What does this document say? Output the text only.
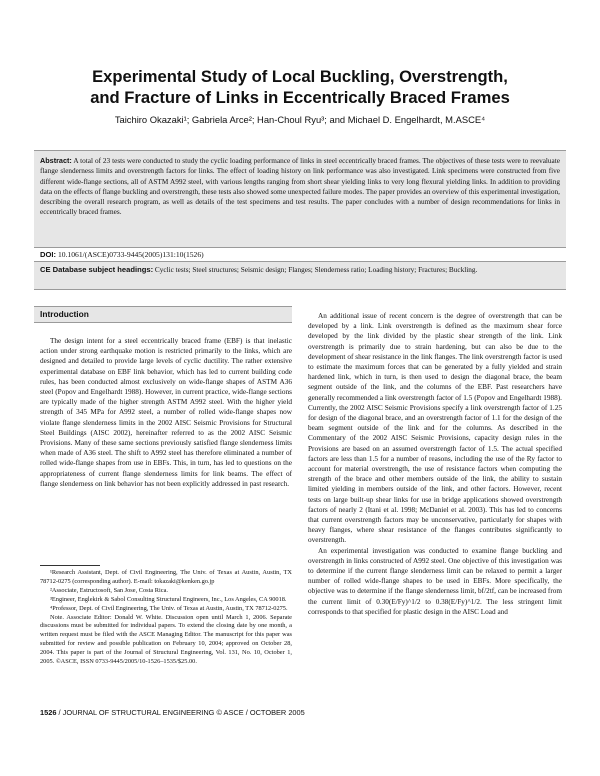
Experimental Study of Local Buckling, Overstrength,
and Fracture of Links in Eccentrically Braced Frames
Taichiro Okazaki¹; Gabriela Arce²; Han-Choul Ryu³; and Michael D. Engelhardt, M.ASCE⁴
Abstract: A total of 23 tests were conducted to study the cyclic loading performance of links in steel eccentrically braced frames. The objectives of these tests were to reevaluate flange slenderness limits and overstrength factors for links. The effect of loading history on link performance was also investigated. Link specimens were constructed from five different wide-flange sections, all of ASTM A992 steel, with various lengths ranging from short shear yielding links to very long flexural yielding links. In addition to providing data on the effects of flange buckling and overstrength, these tests also showed some unexpected failure modes. The paper provides an overview of this experimental investigation, describing the overall research program, as well as details of the test specimens and test results. The paper concludes with a number of design recommendations for links in eccentrically braced frames.
DOI: 10.1061/(ASCE)0733-9445(2005)131:10(1526)
CE Database subject headings: Cyclic tests; Steel structures; Seismic design; Flanges; Slenderness ratio; Loading history; Fractures; Buckling.
Introduction

The design intent for a steel eccentrically braced frame (EBF) is that inelastic action under strong earthquake motion is restricted primarily to the links, which are designed and detailed to provide large levels of cyclic ductility. The rather extensive experimental database on EBF link behavior, which has led to current building code rules, has been conducted almost exclusively on wide-flange shapes of ASTM A36 steel (Popov and Engelhardt 1988). However, in current practice, wide-flange sections are typically made of the higher strength ASTM A992 steel. With the higher yield strength of 345 MPa for A992 steel, a number of rolled wide-flange shapes now violate flange slenderness limits in the 2002 AISC Seismic Provisions for Structural Steel Buildings (AISC 2002), hereinafter referred to as the 2002 AISC Seismic Provisions. Many of these same sections previously satisfied flange slenderness limits when made of A36 steel. The shift to A992 steel has therefore eliminated a number of rolled wide-flange shapes from use in EBFs. This, in turn, has led to questions on the appropriateness of current flange slenderness limits for link beams. The effect of flange slenderness on link behavior has not been explicitly addressed in past research.

¹Research Assistant, Dept. of Civil Engineering, The Univ. of Texas at Austin, Austin, TX 78712-0275 (corresponding author). E-mail: tokazaki@kenken.go.jp

²Associate, Estructosoft, San Jose, Costa Rica.

³Engineer, Englekirk & Sabol Consulting Structural Engineers, Inc., Los Angeles, CA 90018.

⁴Professor, Dept. of Civil Engineering, The Univ. of Texas at Austin, Austin, TX 78712-0275.

Note. Associate Editor: Donald W. White. Discussion open until March 1, 2006. Separate discussions must be submitted for individual papers. To extend the closing date by one month, a written request must be filed with the ASCE Managing Editor. The manuscript for this paper was submitted for review and possible publication on February 10, 2004; approved on October 28, 2004. This paper is part of the Journal of Structural Engineering, Vol. 131, No. 10, October 1, 2005. ©ASCE, ISSN 0733-9445/2005/10-1526–1535/$25.00.

An additional issue of recent concern is the degree of overstrength that can be developed by a link. Link overstrength is defined as the maximum shear force developed by the link divided by the plastic shear strength of the link. Link overstrength is primarily due to strain hardening, but can also be due to the development of shear resistance in the link flanges. The link overstrength factor is used to estimate the maximum forces that can be generated by a fully yielded and strain hardened link, which in turn, is then used to design the diagonal brace, the beam segment outside of the link, and the columns of the EBF. Past researchers have generally recommended a link overstrength factor of 1.5 (Popov and Engelhardt 1988). Currently, the 2002 AISC Seismic Provisions specify a link overstrength factor of 1.25 for design of the diagonal brace, and an overstrength factor of 1.1 for the design of the beam segment outside of the link and for the columns. As described in the Commentary of the 2002 AISC Seismic Provisions, capacity design rules in the Provisions are based on an assumed overstrength factor of 1.5. The actual specified factors are less than 1.5 for a number of reasons, including the use of the Ry factor to account for material overstrength, the use of resistance factors when computing the strength of the brace and other members outside of the link, the ability to sustain limited yielding in members outside of the link, and other factors. However, recent tests on large built-up shear links for use in bridge applications showed overstrength factors of nearly 2 (Itani et al. 1998; McDaniel et al. 2003). This has led to concerns that current overstrength factors may be unconservative, particularly for shapes with heavy flanges, where shear resistance of the flanges contributes significantly to overstrength.

An experimental investigation was conducted to examine flange buckling and overstrength in links constructed of A992 steel. One objective of this investigation was to determine if the current flange slenderness limit can be relaxed to permit a larger number of rolled wide-flange shapes to be used in EBFs. More specifically, the objective was to determine if the flange slenderness limit, bf/2tf, can be increased from the current limit of 0.30(E/Fy)^1/2 to 0.38(E/Fy)^1/2. The less stringent limit corresponds to that specified for plastic design in the AISC Load and

1526 / JOURNAL OF STRUCTURAL ENGINEERING © ASCE / OCTOBER 2005
